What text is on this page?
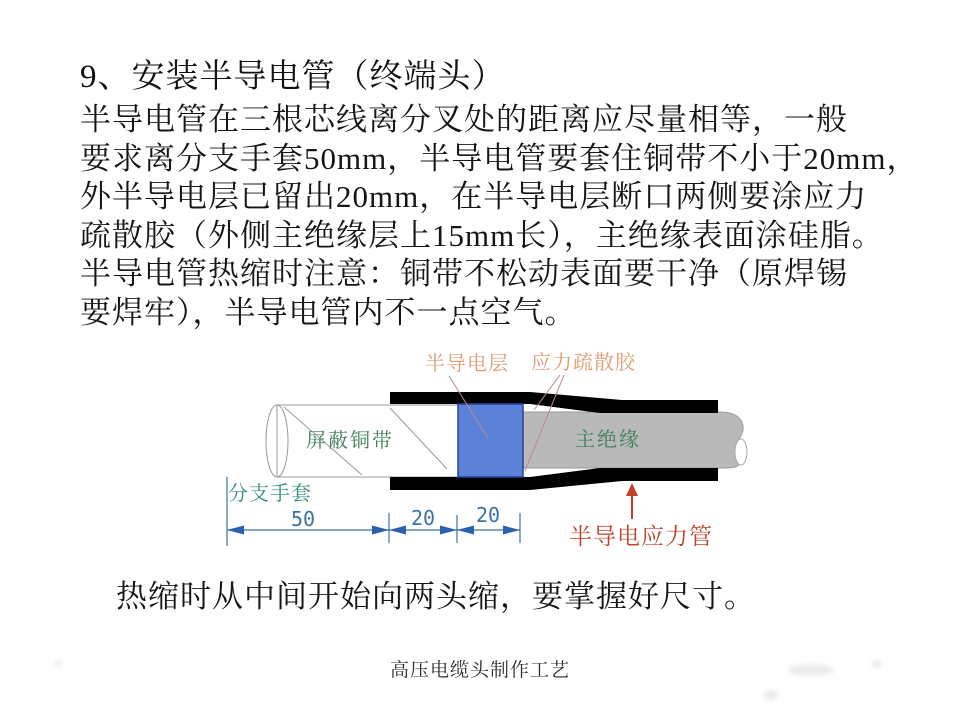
9、安装半导电管（终端头）
半导电管在三根芯线离分叉处的距离应尽量相等，一般
要求离分支手套50mm，半导电管要套住铜带不小于20mm，
外半导电层已留出20mm，在半导电层断口两侧要涂应力
疏散胶（外侧主绝缘层上15mm长），主绝缘表面涂硅脂。
半导电管热缩时注意：铜带不松动表面要干净（原焊锡
要焊牢），半导电管内不一点空气。
半导电层 应力疏散胶
屏蔽铜带	主绝缘
分支手套
半导电应力管
50	20 20
热缩时从中间开始向两头缩，要掌握好尺寸。
高压电缆头制作工艺
